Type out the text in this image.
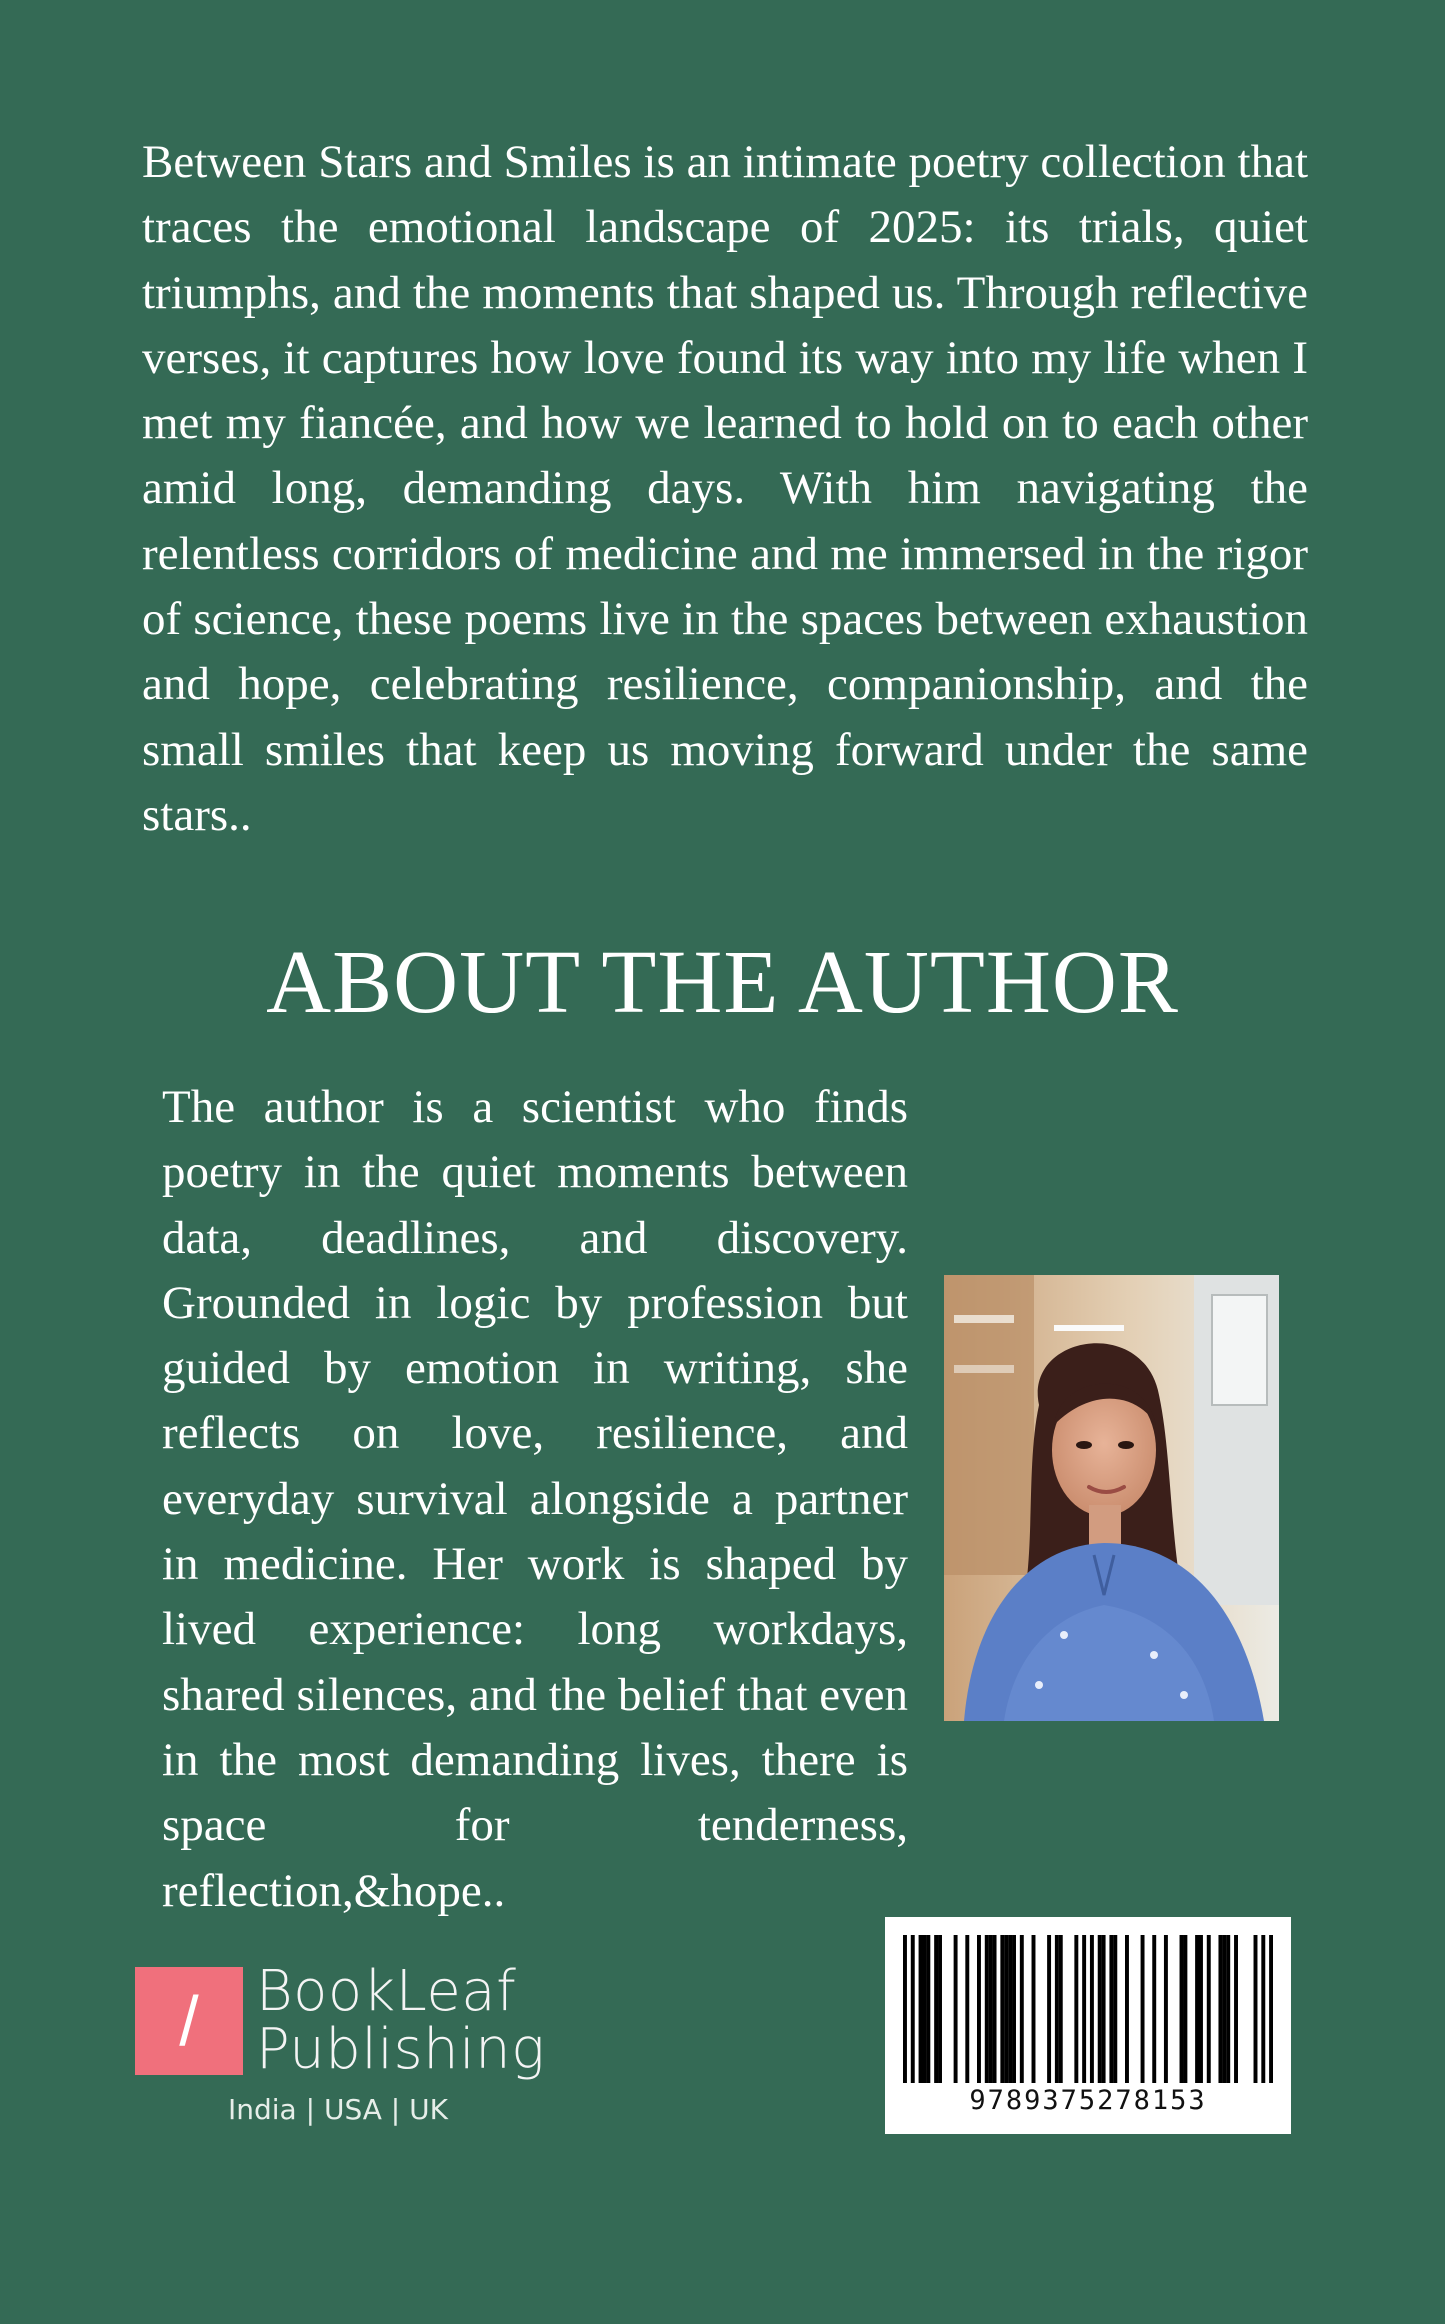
Between Stars and Smiles is an intimate poetry collection that traces the emotional landscape of 2025: its trials, quiet triumphs, and the moments that shaped us. Through reflective verses, it captures how love found its way into my life when I met my fiancée, and how we learned to hold on to each other amid long, demanding days. With him navigating the relentless corridors of medicine and me immersed in the rigor of science, these poems live in the spaces between exhaustion and hope, celebrating resilience, companionship, and the small smiles that keep us moving forward under the same stars..

ABOUT THE AUTHOR

The author is a scientist who finds poetry in the quiet moments between data, deadlines, and discovery. Grounded in logic by profession but guided by emotion in writing, she reflects on love, resilience, and everyday survival alongside a partner in medicine. Her work is shaped by lived experience: long workdays, shared silences, and the belief that even in the most demanding lives, there is space for tenderness, reflection,&hope..

/	BookLeaf
Publishing
India | USA | UK	9789375278153
